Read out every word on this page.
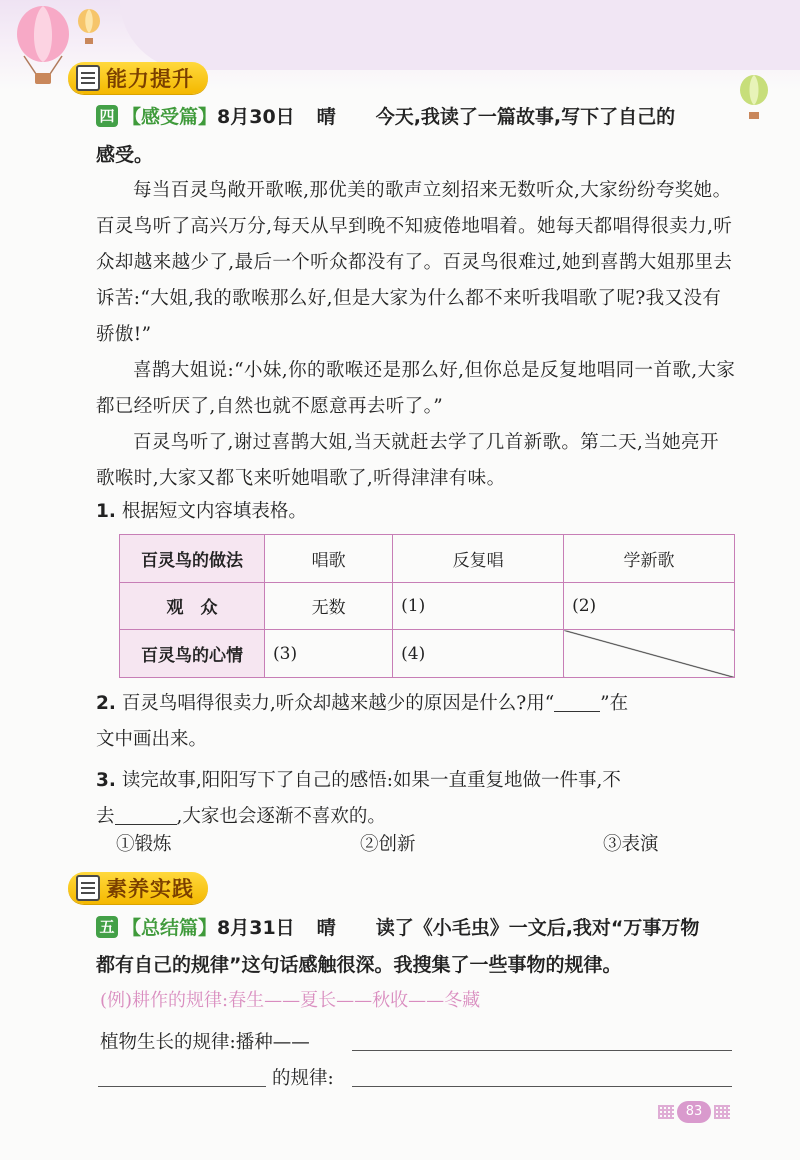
能力提升
四 【感受篇】8月30日 晴 今天,我读了一篇故事,写下了自己的
感受。

每当百灵鸟敞开歌喉,那优美的歌声立刻招来无数听众,大家纷纷夸奖她。百灵鸟听了高兴万分,每天从早到晚不知疲倦地唱着。她每天都唱得很卖力,听众却越来越少了,最后一个听众都没有了。百灵鸟很难过,她到喜鹊大姐那里去诉苦:“大姐,我的歌喉那么好,但是大家为什么都不来听我唱歌了呢?我又没有骄傲!”

喜鹊大姐说:“小妹,你的歌喉还是那么好,但你总是反复地唱同一首歌,大家都已经听厌了,自然也就不愿意再去听了。”

百灵鸟听了,谢过喜鹊大姐,当天就赶去学了几首新歌。第二天,当她亮开歌喉时,大家又都飞来听她唱歌了,听得津津有味。

1. 根据短文内容填表格。
百灵鸟的做法	唱歌	反复唱	学新歌
观　众	无数	(1)	(2)
百灵鸟的心情	(3)	(4)	
2. 百灵鸟唱得很卖力,听众却越来越少的原因是什么?用“ ”在
文中画出来。
3. 读完故事,阳阳写下了自己的感悟:如果一直重复地做一件事,不
去	,大家也会逐渐不喜欢的。
①锻炼	②创新	③表演
素养实践
五 【总结篇】8月31日 晴 读了《小毛虫》一文后,我对“万事万物
都有自己的规律”这句话感触很深。我搜集了一些事物的规律。
(例)耕作的规律:春生——夏长——秋收——冬藏
植物生长的规律:播种——
的规律:
83
